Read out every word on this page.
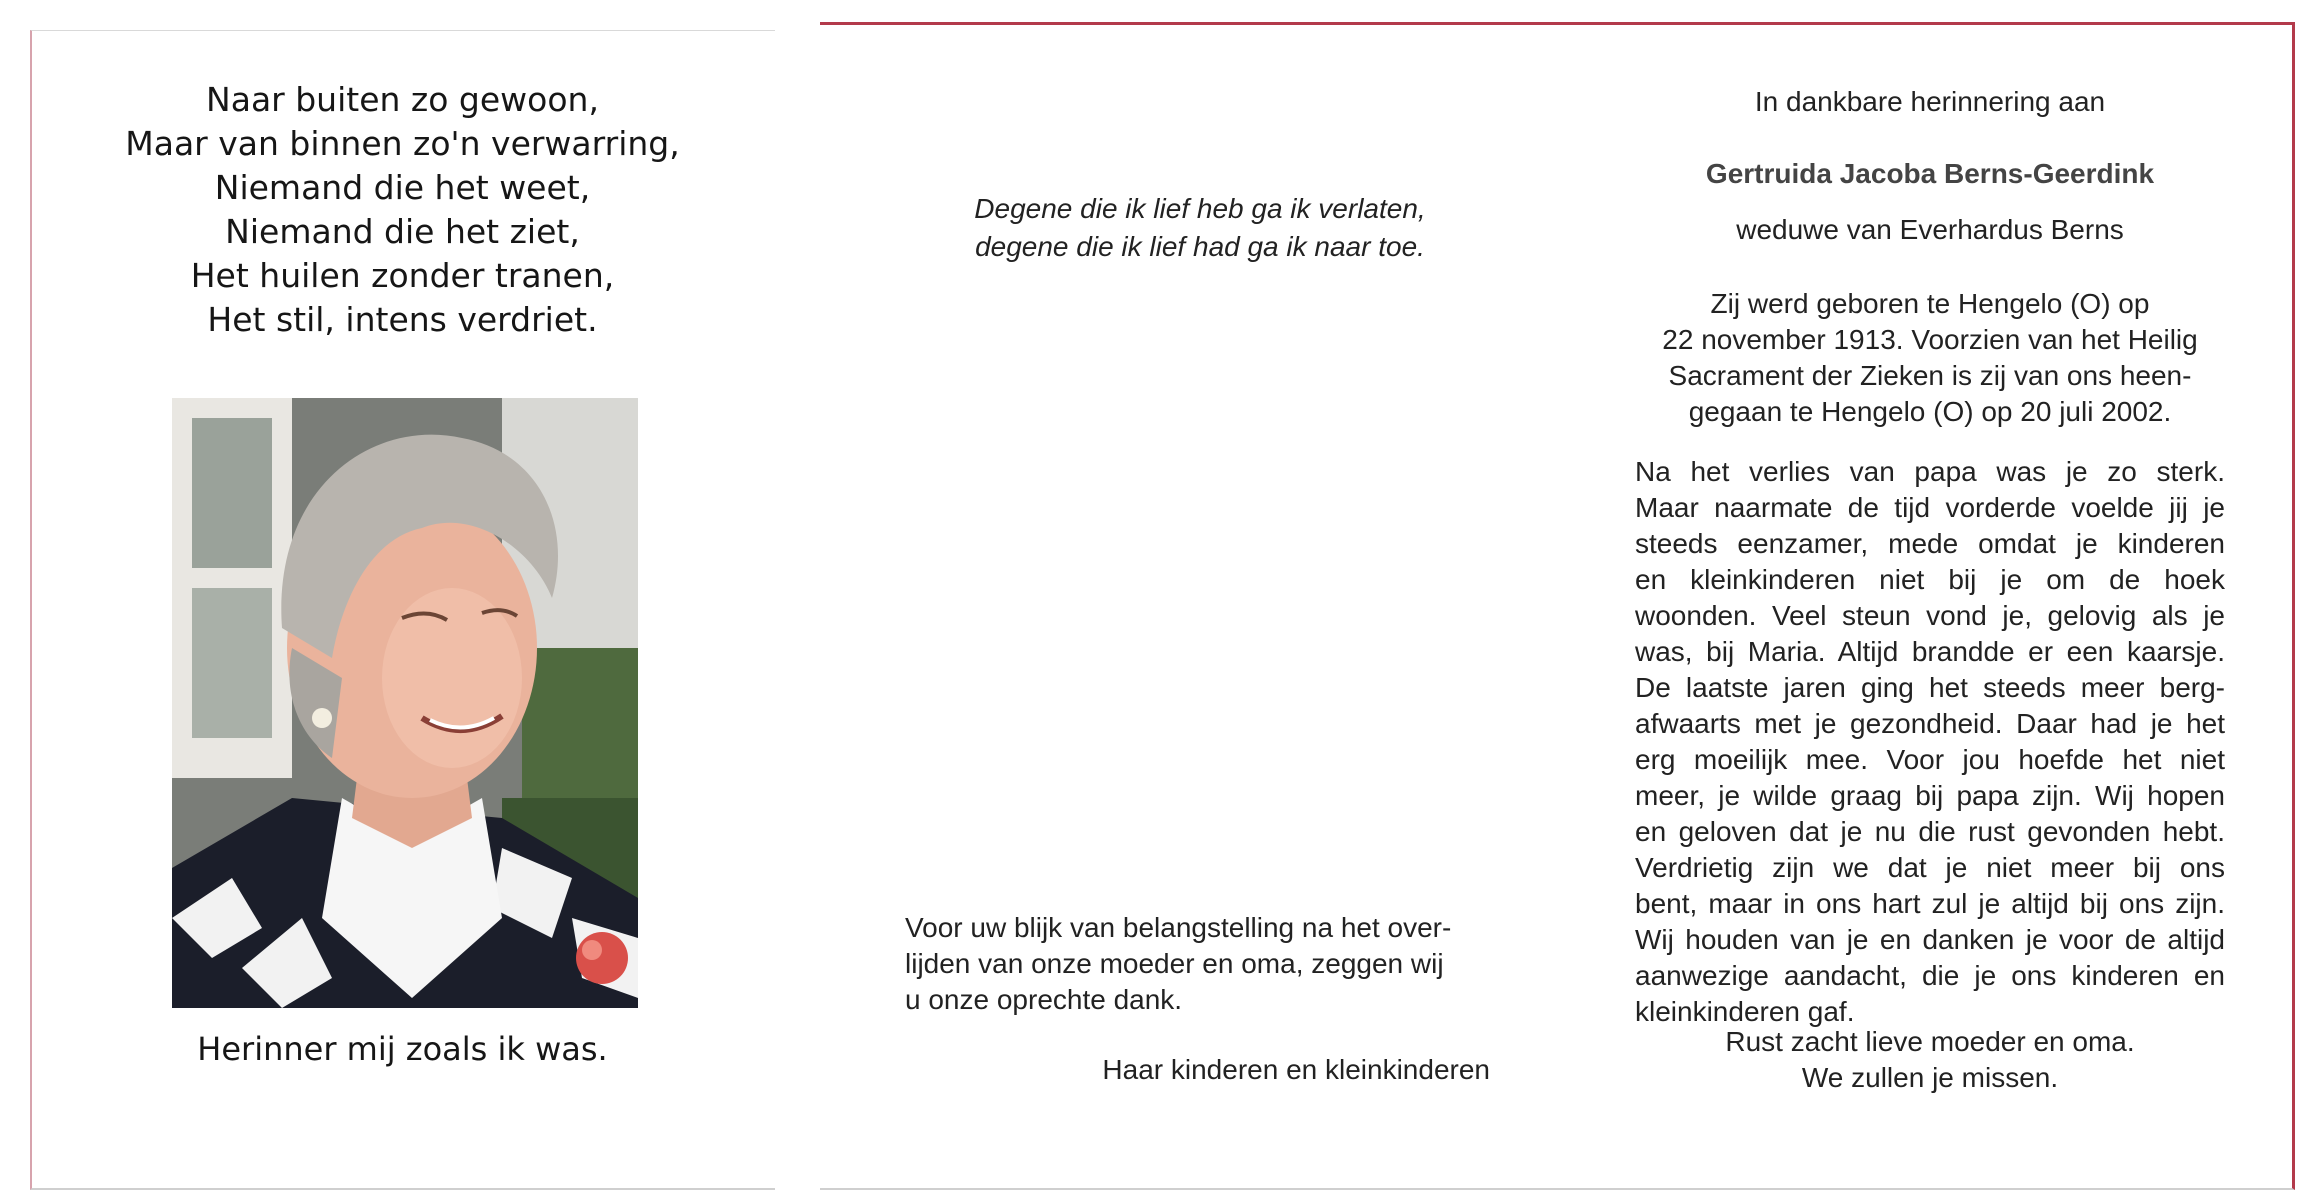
Naar buiten zo gewoon,
Maar van binnen zo'n verwarring,
Niemand die het weet,
Niemand die het ziet,
Het huilen zonder tranen,
Het stil, intens verdriet.
Herinner mij zoals ik was.
Degene die ik lief heb ga ik verlaten,
degene die ik lief had ga ik naar toe.
Voor uw blijk van belangstelling na het over-
lijden van onze moeder en oma, zeggen wij
u onze oprechte dank.
Haar kinderen en kleinkinderen
In dankbare herinnering aan
Gertruida Jacoba Berns-Geerdink
weduwe van Everhardus Berns
Zij werd geboren te Hengelo (O) op
22 november 1913. Voorzien van het Heilig
Sacrament der Zieken is zij van ons heen-
gegaan te Hengelo (O) op 20 juli 2002.
Na het verlies van papa was je zo sterk.
Maar naarmate de tijd vorderde voelde jij je
steeds eenzamer, mede omdat je kinderen
en kleinkinderen niet bij je om de hoek
woonden. Veel steun vond je, gelovig als je
was, bij Maria. Altijd brandde er een kaarsje.
De laatste jaren ging het steeds meer berg-
afwaarts met je gezondheid. Daar had je het
erg moeilijk mee. Voor jou hoefde het niet
meer, je wilde graag bij papa zijn. Wij hopen
en geloven dat je nu die rust gevonden hebt.
Verdrietig zijn we dat je niet meer bij ons
bent, maar in ons hart zul je altijd bij ons zijn.
Wij houden van je en danken je voor de altijd
aanwezige aandacht, die je ons kinderen en
kleinkinderen gaf.
Rust zacht lieve moeder en oma.
We zullen je missen.
